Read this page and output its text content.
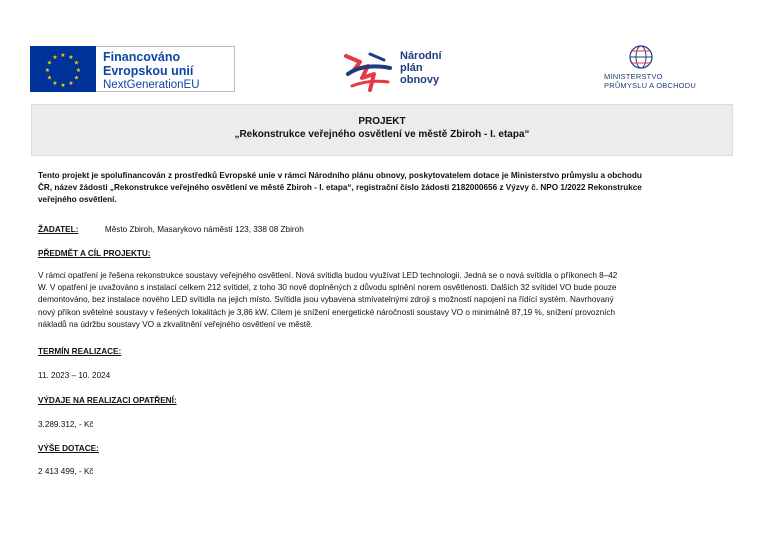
★ ★
★
★
★
★
★
★
★
★
★
★	Financováno
Evropskou unií
NextGenerationEU
Národní
plán
obnovy	MINISTERSTVO
PRŮMYSLU A OBCHODU
PROJEKT
„Rekonstrukce veřejného osvětlení ve městě Zbiroh - I. etapa“
Tento projekt je spolufinancován z prostředků Evropské unie v rámci Národního plánu obnovy, poskytovatelem dotace je Ministerstvo průmyslu a obchodu
ČR, název žádosti „Rekonstrukce veřejného osvětlení ve městě Zbiroh - I. etapa“, registrační číslo žádosti 2182000656 z Výzvy č. NPO 1/2022 Rekonstrukce
veřejného osvětlení.
ŽADATEL:	Město Zbiroh, Masarykovo náměstí 123, 338 08 Zbiroh
PŘEDMĚT A CÍL PROJEKTU:
V rámci opatření je řešena rekonstrukce soustavy veřejného osvětlení. Nová svítidla budou využívat LED technologii. Jedná se o nová svítidla o příkonech 8–42
W. V opatření je uvažováno s instalací celkem 212 svítidel, z toho 30 nově doplněných z důvodu splnění norem osvětlenosti. Dalších 32 svítidel VO bude pouze
demontováno, bez instalace nového LED svítidla na jejich místo. Svítidla jsou vybavena stmívatelnými zdroji s možností napojení na řídící systém. Navrhovaný
nový příkon světelné soustavy v řešených lokalitách je 3,86 kW. Cílem je snížení energetické náročnosti soustavy VO o minimálně 87,19 %, snížení provozních
nákladů na údržbu soustavy VO a zkvalitnění veřejného osvětlení ve městě.
TERMÍN REALIZACE:
11. 2023 – 10. 2024
VÝDAJE NA REALIZACI OPATŘENÍ:
3.289.312, - Kč
VÝŠE DOTACE:
2 413 499, - Kč
